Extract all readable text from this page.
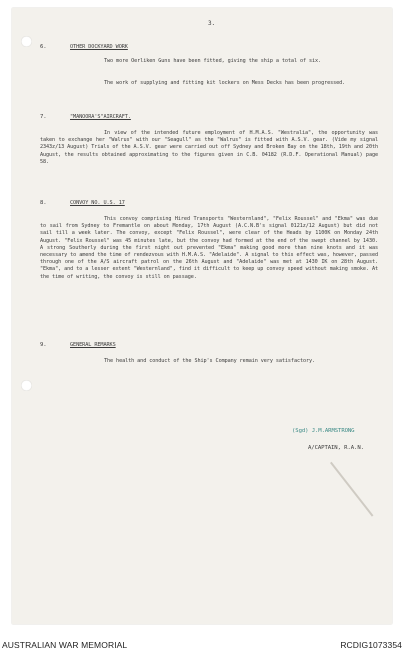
3.
6.	OTHER DOCKYARD WORK
Two more Oerliken Guns have been fitted, giving the ship a total of six.
The work of supplying and fitting kit lockers on Mess Decks has been progressed.
7.	"MANOORA'S"AIRCRAFT.
In view of the intended future employment of H.M.A.S. "Westralia", the opportunity was taken to exchange her "Walrus" with our "Seagull" as the "Walrus" is fitted with A.S.V. gear. (Vide my signal 2343z/13 August) Trials of the A.S.V. gear were carried out off Sydney and Broken Bay on the 18th, 19th and 20th August, the results obtained approximating to the figures given in C.B. 04182 (R.D.F. Operational Manual) page 58.
8.	CONVOY NO. U.S. 17
This convoy comprising Hired Transports "Westernland", "Felix Roussel" and "Ekma" was due to sail from Sydney to Fremantle on about Monday, 17th August (A.C.N.B's signal 0121z/12 August) but did not sail till a week later. The convoy, except "Felix Roussel", were clear of the Heads by 1100K on Monday 24th August. "Felix Roussel" was 45 minutes late, but the convoy had formed at the end of the swept channel by 1430. A strong Southerly during the first night out prevented "Ekma" making good more than nine knots and it was necessary to amend the time of rendezvous with H.M.A.S. "Adelaide". A signal to this effect was, however, passed through one of the A/S aircraft patrol on the 26th August and "Adelaide" was met at 1430 IK on 28th August. "Ekma", and to a lesser extent "Westernland", find it difficult to keep up convoy speed without making smoke. At the time of writing, the convoy is still on passage.
9.	GENERAL REMARKS
The health and conduct of the Ship's Company remain very satisfactory.
(Sgd) J.M.ARMSTRONG
A/CAPTAIN, R.A.N.
AUSTRALIAN WAR MEMORIAL	RCDIG1073354
